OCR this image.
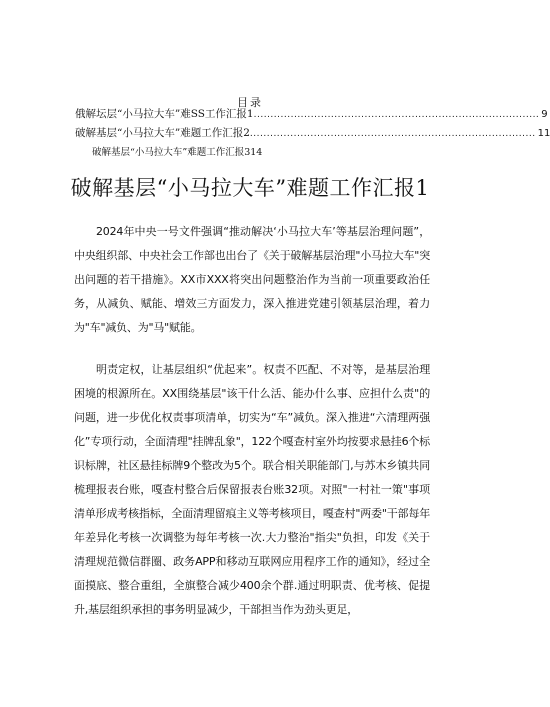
目录
俄解坛层“小马拉大车”难SS工作汇报1 ..................................................................................... 9
破解基层“小马拉大车”难题工作汇报2 ..................................................................................... 11
破解基层“小马拉大车”难题工作汇报314
破解基层“小马拉大车”难题工作汇报1

2024年中央一号文件强调“推动解决‘小马拉大车’等基层治理问题”，中央组织部、中央社会工作部也出台了《关于破解基层治理"小马拉大车"突出问题的若干措施》。XX市XXX将突出问题整治作为当前一项重要政治任务，从减负、赋能、增效三方面发力，深入推进党建引领基层治理，着力为"车"减负、为"马"赋能。

明责定权，让基层组织“优起来”。权责不匹配、不对等，是基层治理困境的根源所在。XX围绕基层"该干什么活、能办什么事、应担什么责"的问题，进一步优化权责事项清单，切实为“车”减负。深入推进“六清理两强化”专项行动，全面清理"挂牌乱象"，122个嘎查村室外均按要求悬挂6个标识标牌，社区悬挂标牌9个整改为5个。联合相关职能部门,与苏木乡镇共同梳理报表台账，嘎查村整合后保留报表台账32项。对照"一村社一策"事项清单形成考核指标，全面清理留痕主义等考核项目，嘎查村"两委"干部每年年差异化考核一次调整为每年考核一次.大力整治"指尖"负担，印发《关于清理规范微信群圈、政务APP和移动互联网应用程序工作的通知》，经过全面摸底、整合重组，全旗整合减少400余个群.通过明职责、优考核、促提升,基层组织承担的事务明显减少，干部担当作为劲头更足，
